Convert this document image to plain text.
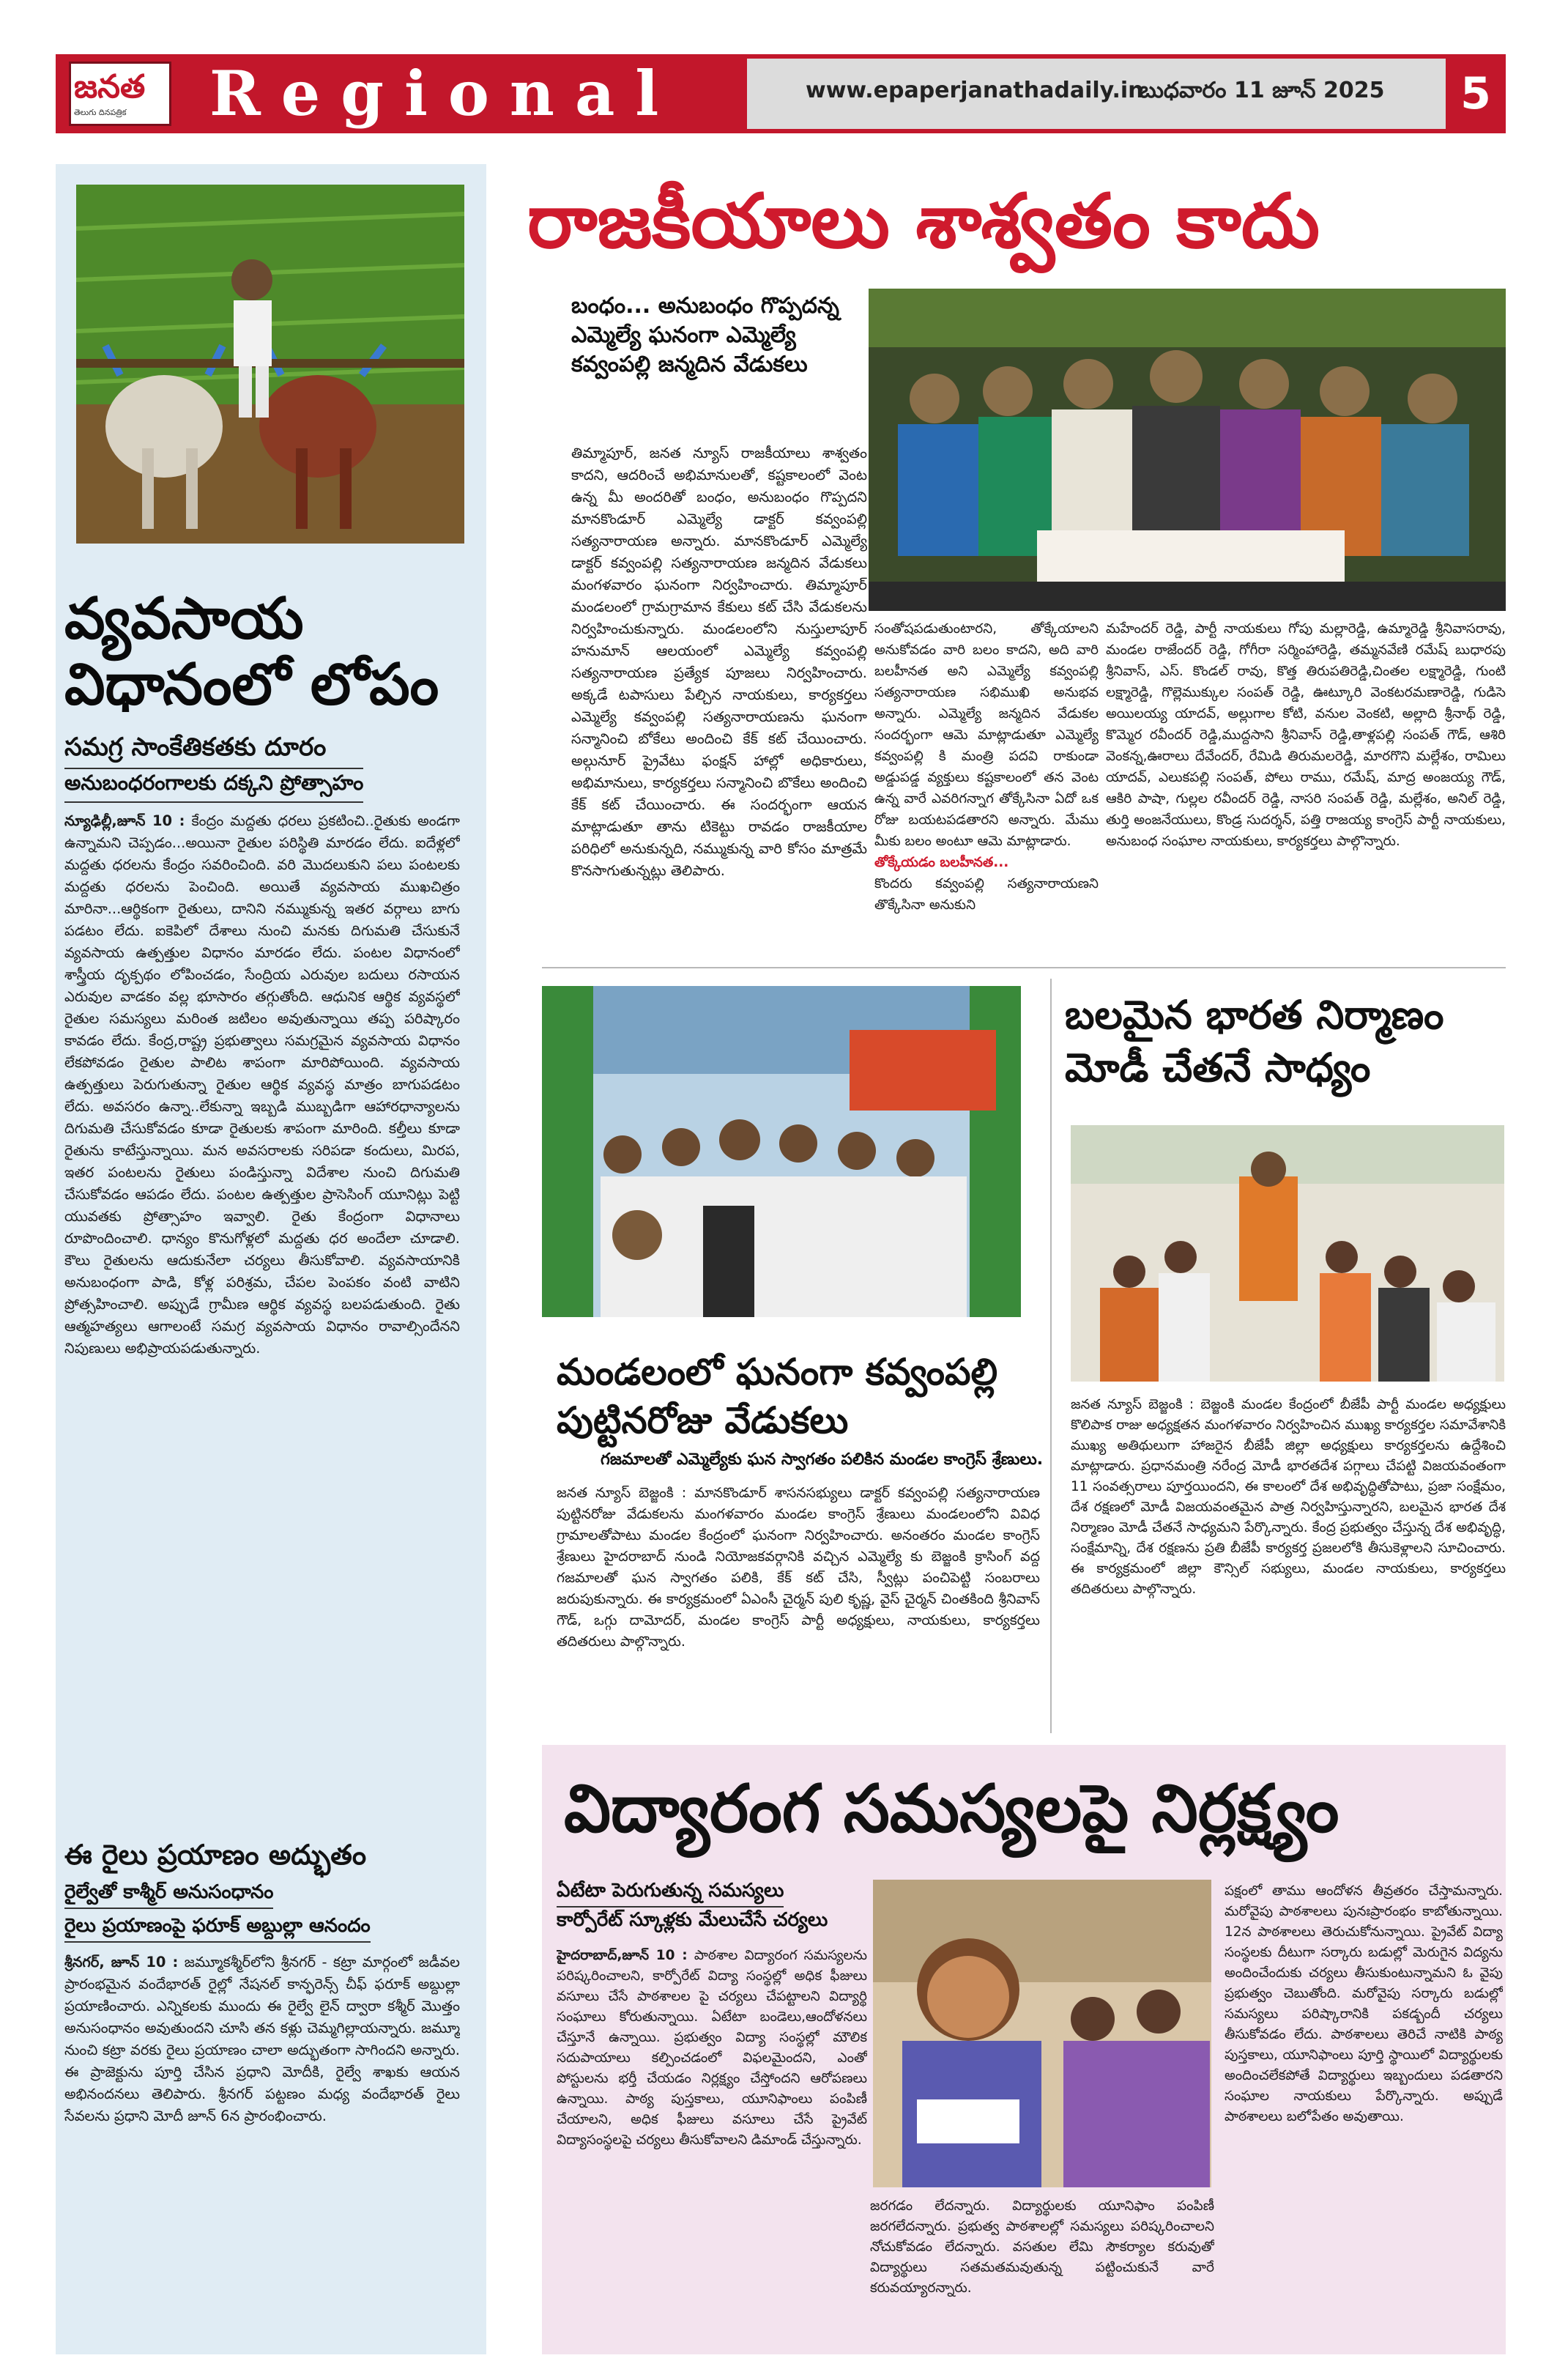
జనత
తెలుగు దినపత్రిక	Regional	www.epaperjanathadaily.in
బుధవారం 11 జూన్ 2025	5
వ్యవసాయ విధానంలో లోపం
సమగ్ర సాంకేతికతకు దూరం
అనుబంధరంగాలకు దక్కని ప్రోత్సాహం
న్యూఢిల్లీ,జూన్ 10 : కేంద్రం మద్దతు ధరలు ప్రకటించి..రైతుకు అండగా ఉన్నామని చెప్పడం...అయినా రైతుల పరిస్థితి మారడం లేదు. ఐదేళ్లలో మద్దతు ధరలను కేంద్రం సవరించింది. వరి మొదలుకుని పలు పంటలకు మద్దతు ధరలను పెంచింది. అయితే వ్యవసాయ ముఖచిత్రం మారినా...ఆర్థికంగా రైతులు, దానిని నమ్ముకున్న ఇతర వర్గాలు బాగు పడటం లేదు. ఐకెపిలో దేశాలు నుంచి మనకు దిగుమతి చేసుకునే వ్యవసాయ ఉత్పత్తుల విధానం మారడం లేదు. పంటల విధానంలో శాస్త్రీయ దృక్పథం లోపించడం, సేంద్రియ ఎరువుల బదులు రసాయన ఎరువుల వాడకం వల్ల భూసారం తగ్గుతోంది. ఆధునిక ఆర్థిక వ్యవస్థలో రైతుల సమస్యలు మరింత జటిలం అవుతున్నాయి తప్ప పరిష్కారం కావడం లేదు. కేంద్ర,రాష్ట్ర ప్రభుత్వాలు సమగ్రమైన వ్యవసాయ విధానం లేకపోవడం రైతుల పాలిట శాపంగా మారిపోయింది. వ్యవసాయ ఉత్పత్తులు పెరుగుతున్నా రైతుల ఆర్థిక వ్యవస్థ మాత్రం బాగుపడటం లేదు. అవసరం ఉన్నా..లేకున్నా ఇబ్బడి ముబ్బడిగా ఆహారధాన్యాలను దిగుమతి చేసుకోవడం కూడా రైతులకు శాపంగా మారింది. కల్తీలు కూడా రైతును కాటేస్తున్నాయి. మన అవసరాలకు సరిపడా కందులు, మిరప, ఇతర పంటలను రైతులు పండిస్తున్నా విదేశాల నుంచి దిగుమతి చేసుకోవడం ఆపడం లేదు. పంటల ఉత్పత్తుల ప్రాసెసింగ్ యూనిట్లు పెట్టి యువతకు ప్రోత్సాహం ఇవ్వాలి. రైతు కేంద్రంగా విధానాలు రూపొందించాలి. ధాన్యం కొనుగోళ్లలో మద్దతు ధర అందేలా చూడాలి. కౌలు రైతులను ఆదుకునేలా చర్యలు తీసుకోవాలి. వ్యవసాయానికి అనుబంధంగా పాడి, కోళ్ల పరిశ్రమ, చేపల పెంపకం వంటి వాటిని ప్రోత్సహించాలి. అప్పుడే గ్రామీణ ఆర్థిక వ్యవస్థ బలపడుతుంది. రైతు ఆత్మహత్యలు ఆగాలంటే సమగ్ర వ్యవసాయ విధానం రావాల్సిందేనని నిపుణులు అభిప్రాయపడుతున్నారు.
ఈ రైలు ప్రయాణం అద్భుతం
రైల్వేతో కాశ్మీర్ అనుసంధానం
రైలు ప్రయాణంపై ఫరూక్ అబ్దుల్లా ఆనందం
శ్రీనగర్, జూన్ 10 : జమ్మూకశ్మీర్‌లోని శ్రీనగర్ - కట్రా మార్గంలో జడీవల ప్రారంభమైన వందేభారత్ రైల్లో నేషనల్ కాన్ఫరెన్స్ చీఫ్ ఫరూక్ అబ్దుల్లా ప్రయాణించారు. ఎన్నికలకు ముందు ఈ రైల్వే లైన్ ద్వారా కశ్మీర్ మొత్తం అనుసంధానం అవుతుందని చూసి తన కళ్లు చెమ్మగిల్లాయన్నారు. జమ్మూ నుంచి కట్రా వరకు రైలు ప్రయాణం చాలా అద్భుతంగా సాగిందని అన్నారు. ఈ ప్రాజెక్టును పూర్తి చేసిన ప్రధాని మోదీకి, రైల్వే శాఖకు ఆయన అభినందనలు తెలిపారు. శ్రీనగర్ పట్టణం మధ్య వందేభారత్ రైలు సేవలను ప్రధాని మోదీ జూన్ 6న ప్రారంభించారు.
రాజకీయాలు శాశ్వతం కాదు
బంధం... అనుబంధం గొప్పదన్న ఎమ్మెల్యే ఘనంగా ఎమ్మెల్యే కవ్వంపల్లి జన్మదిన వేడుకలు
తిమ్మాపూర్, జనత న్యూస్ రాజకీయాలు శాశ్వతం కాదని, ఆదరించే అభిమానులతో, కష్టకాలంలో వెంట ఉన్న మీ అందరితో బంధం, అనుబంధం గొప్పదని మానకొండూర్ ఎమ్మెల్యే డాక్టర్ కవ్వంపల్లి సత్యనారాయణ అన్నారు. మానకొండూర్ ఎమ్మెల్యే డాక్టర్ కవ్వంపల్లి సత్యనారాయణ జన్మదిన వేడుకలు మంగళవారం ఘనంగా నిర్వహించారు. తిమ్మాపూర్ మండలంలో గ్రామగ్రామాన కేకులు కట్ చేసి వేడుకలను నిర్వహించుకున్నారు. మండలంలోని నుస్తులాపూర్ హనుమాన్ ఆలయంలో ఎమ్మెల్యే కవ్వంపల్లి సత్యనారాయణ ప్రత్యేక పూజలు నిర్వహించారు. అక్కడే టపాసులు పేల్చిన నాయకులు, కార్యకర్తలు ఎమ్మెల్యే కవ్వంపల్లి సత్యనారాయణను ఘనంగా సన్మానించి బోకేలు అందించి కేక్ కట్ చేయించారు. అల్గునూర్ ప్రైవేటు ఫంక్షన్ హాల్లో అధికారులు, అభిమానులు, కార్యకర్తలు సన్మానించి బొకేలు అందించి కేక్ కట్ చేయించారు. ఈ సందర్భంగా ఆయన మాట్లాడుతూ తాను టికెట్టు రావడం రాజకీయాల పరిధిలో అనుకున్నది, నమ్ముకున్న వారి కోసం మాత్రమే కొనసాగుతున్నట్లు తెలిపారు.
సంతోషపడుతుంటారని, తోక్కేయాలని అనుకోవడం వారి బలం కాదని, అది వారి బలహీనత అని ఎమ్మెల్యే కవ్వంపల్లి సత్యనారాయణ సభిముఖి అనుభవ అన్నారు. ఎమ్మెల్యే జన్మదిన వేడుకల సందర్భంగా ఆమె మాట్లాడుతూ ఎమ్మెల్యే కవ్వంపల్లి కి మంత్రి పదవి రాకుండా అడ్డుపడ్డ వ్యక్తులు కష్టకాలంలో తన వెంట ఉన్న వారే ఎవరిగన్నాగ తోక్కేసినా ఏదో ఒక రోజు బయటపడతారని అన్నారు. మేము మీకు బలం అంటూ ఆమె మాట్లాడారు.
తోక్కేయడం బలహీనత...
కొందరు కవ్వంపల్లి సత్యనారాయణని తొక్కేసినా అనుకుని
మహేందర్ రెడ్డి, పార్టీ నాయకులు గోపు మల్లారెడ్డి, ఉమ్మారెడ్డి శ్రీనివాసరావు, మండల రాజేందర్ రెడ్డి, గోగీరా సర్మింహారెడ్డి, తమ్మనవేణి రమేష్ బుధారపు శ్రీనివాస్, ఎస్. కొండల్ రావు, కొత్త తిరుపతిరెడ్డి,చింతల లక్ష్మారెడ్డి, గుంటి లక్ష్మారెడ్డి, గొల్లెముక్కుల సంపత్ రెడ్డి, ఊట్కూరి వెంకటరమణారెడ్డి, గుడిసె అయిలయ్య యాదవ్, అల్లుగాల కోటి, వనుల వెంకటి, అల్లాది శ్రీనాథ్ రెడ్డి, కొమ్మెర రవీందర్ రెడ్డి,ముద్దసాని శ్రీనివాస్ రెడ్డి,తాళ్లపల్లి సంపత్ గౌడ్, ఆశిరి వెంకన్న,ఊరాలు దేవేందర్, రేమిడి తిరుమలరెడ్డి, మారగొని మల్లేశం, రామిలు యాదవ్, ఎలుకపల్లి సంపత్, పోలు రాము, రమేష్, మాద్ర అంజయ్య గౌడ్, ఆకిరి పాషా, గుల్లల రవీందర్ రెడ్డి, నాసరి సంపత్ రెడ్డి, మల్లేశం, అనిల్ రెడ్డి, తుర్తి అంజనేయులు, కొండ్ర సుదర్శన్, పత్తి రాజయ్య కాంగ్రెస్ పార్టీ నాయకులు, అనుబంధ సంఘాల నాయకులు, కార్యకర్తలు పాల్గొన్నారు.
మండలంలో ఘనంగా కవ్వంపల్లి పుట్టినరోజు వేడుకలు
గజమాలతో ఎమ్మెల్యేకు ఘన స్వాగతం పలికిన మండల కాంగ్రెస్ శ్రేణులు.
జనత న్యూస్ బెజ్జంకి : మానకొండూర్ శాసనసభ్యులు డాక్టర్ కవ్వంపల్లి సత్యనారాయణ పుట్టినరోజు వేడుకలను మంగళవారం మండల కాంగ్రెస్ శ్రేణులు మండలంలోని వివిధ గ్రామాలతోపాటు మండల కేంద్రంలో ఘనంగా నిర్వహించారు. అనంతరం మండల కాంగ్రెస్ శ్రేణులు హైదరాబాద్ నుండి నియోజకవర్గానికి వచ్చిన ఎమ్మెల్యే కు బెజ్జంకి క్రాసింగ్ వద్ద గజమాలతో ఘన స్వాగతం పలికి, కేక్ కట్ చేసి, స్వీట్లు పంచిపెట్టి సంబరాలు జరుపుకున్నారు. ఈ కార్యక్రమంలో ఏఎంసీ చైర్మన్ పులి కృష్ణ, వైస్ చైర్మన్ చింతకింది శ్రీనివాస్ గౌడ్, ఒగ్గు దామోదర్, మండల కాంగ్రెస్ పార్టీ అధ్యక్షులు, నాయకులు, కార్యకర్తలు తదితరులు పాల్గొన్నారు.
బలమైన భారత నిర్మాణం మోడీ చేతనే సాధ్యం
జనత న్యూస్ బెజ్జంకి : బెజ్జంకి మండల కేంద్రంలో బీజేపీ పార్టీ మండల అధ్యక్షులు కొలిపాక రాజు అధ్యక్షతన మంగళవారం నిర్వహించిన ముఖ్య కార్యకర్తల సమావేశానికి ముఖ్య అతిథులుగా హాజరైన బీజేపీ జిల్లా అధ్యక్షులు కార్యకర్తలను ఉద్దేశించి మాట్లాడారు. ప్రధానమంత్రి నరేంద్ర మోడీ భారతదేశ పగ్గాలు చేపట్టి విజయవంతంగా 11 సంవత్సరాలు పూర్తయిందని, ఈ కాలంలో దేశ అభివృద్ధితోపాటు, ప్రజా సంక్షేమం, దేశ రక్షణలో మోడీ విజయవంతమైన పాత్ర నిర్వహిస్తున్నారని, బలమైన భారత దేశ నిర్మాణం మోడీ చేతనే సాధ్యమని పేర్కొన్నారు. కేంద్ర ప్రభుత్వం చేస్తున్న దేశ అభివృద్ధి, సంక్షేమాన్ని, దేశ రక్షణను ప్రతి బీజేపీ కార్యకర్త ప్రజలలోకి తీసుకెళ్లాలని సూచించారు. ఈ కార్యక్రమంలో జిల్లా కౌన్సిల్ సభ్యులు, మండల నాయకులు, కార్యకర్తలు తదితరులు పాల్గొన్నారు.
విద్యారంగ సమస్యలపై నిర్లక్ష్యం
ఏటేటా పెరుగుతున్న సమస్యలు
కార్పోరేట్ స్కూళ్లకు మేలుచేసే చర్యలు
హైదరాబాద్,జూన్ 10 : పాఠశాల విద్యారంగ సమస్యలను పరిష్కరించాలని, కార్పోరేట్ విద్యా సంస్థల్లో అధిక ఫీజులు వసూలు చేసే పాఠశాలల పై చర్యలు చేపట్టాలని విద్యార్థి సంఘాలు కోరుతున్నాయి. ఏటేటా బండెలు,ఆందోళనలు చేస్తూనే ఉన్నాయి. ప్రభుత్వం విద్యా సంస్థల్లో మౌలిక సదుపాయాలు కల్పించడంలో విఫలమైందని, ఎంతో పోస్టులను భర్తీ చేయడం నిర్లక్ష్యం చేస్తోందని ఆరోపణలు ఉన్నాయి. పాఠ్య పుస్తకాలు, యూనిఫాంలు పంపిణీ చేయాలని, అధిక ఫీజులు వసూలు చేసే ప్రైవేట్ విద్యాసంస్థలపై చర్యలు తీసుకోవాలని డిమాండ్ చేస్తున్నారు.
జరగడం లేదన్నారు. విద్యార్థులకు యూనిఫాం పంపిణీ జరగలేదన్నారు. ప్రభుత్వ పాఠశాలల్లో సమస్యలు పరిష్కరించాలని నోచుకోవడం లేదన్నారు. వసతుల లేమి సౌకర్యాల కరువుతో విద్యార్థులు సతమతమవుతున్న పట్టించుకునే వారే కరువయ్యారన్నారు.
పక్షంలో తాము ఆందోళన తీవ్రతరం చేస్తామన్నారు. మరోవైపు పాఠశాలలు పునఃప్రారంభం కాబోతున్నాయి. 12న పాఠశాలలు తెరుచుకోనున్నాయి. ప్రైవేట్ విద్యా సంస్థలకు దీటుగా సర్కారు బడుల్లో మెరుగైన విద్యను అందించేందుకు చర్యలు తీసుకుంటున్నామని ఓ వైపు ప్రభుత్వం చెబుతోంది. మరోవైపు సర్కారు బడుల్లో సమస్యలు పరిష్కారానికి పకడ్బందీ చర్యలు తీసుకోవడం లేదు. పాఠశాలలు తెరిచే నాటికి పాఠ్య పుస్తకాలు, యూనిఫాంలు పూర్తి స్థాయిలో విద్యార్థులకు అందించలేకపోతే విద్యార్థులు ఇబ్బందులు పడతారని సంఘాల నాయకులు పేర్కొన్నారు. అప్పుడే పాఠశాలలు బలోపేతం అవుతాయి.
